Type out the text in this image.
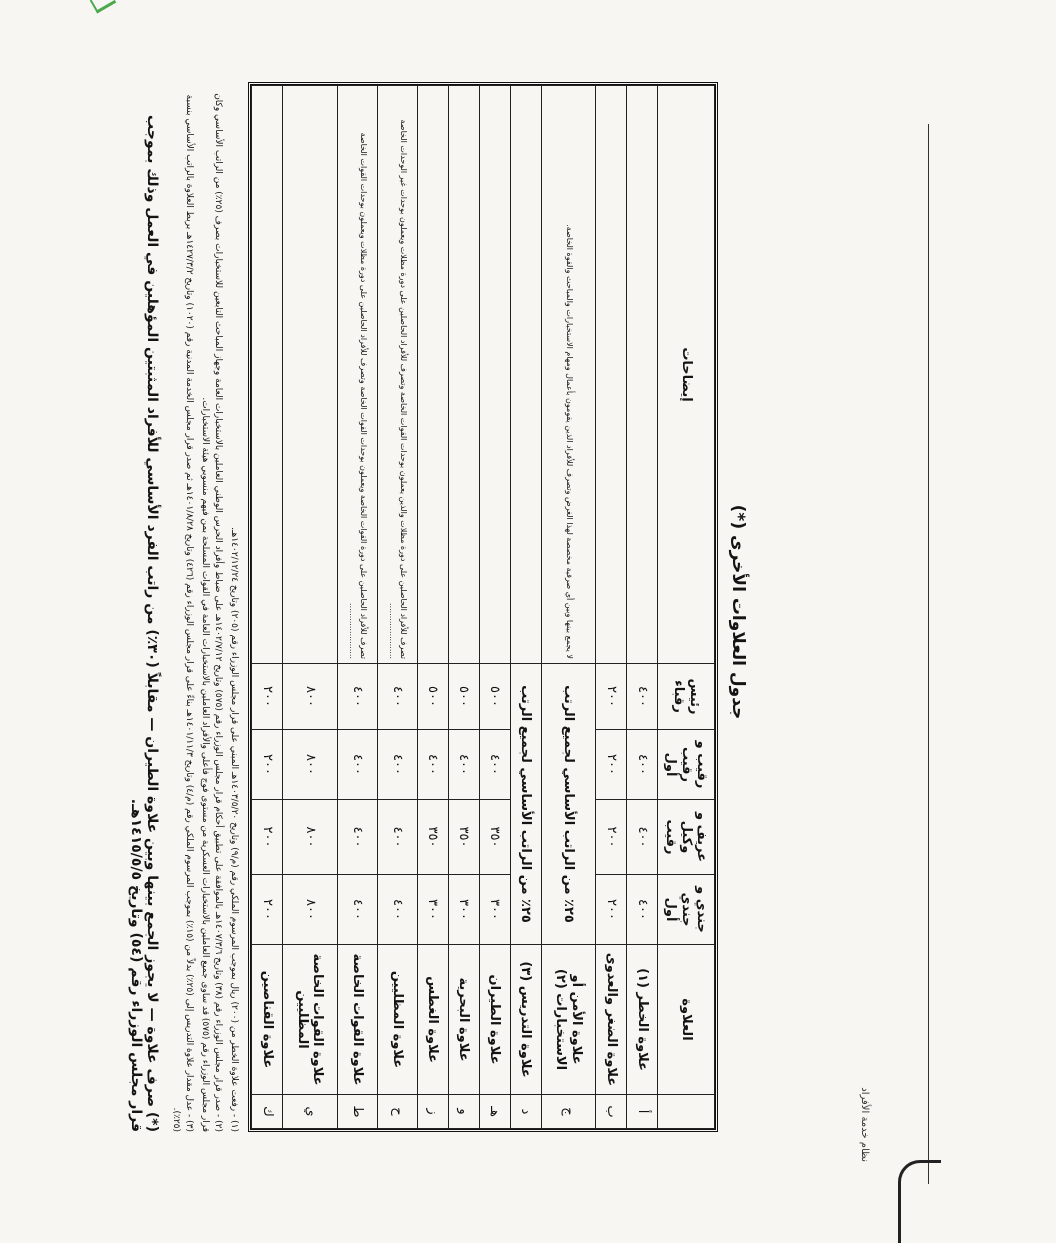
نظام خدمة الأفراد
جدول العلاوات الأخرى (*)
	العلاوة	جندي و جندي أول	عريف و وكيل رقيب	رقيب و رقيب أول	رئيس رقباء	إيضاحات
أ	علاوة الخطر (١)	٤٠٠	٤٠٠	٤٠٠	٤٠٠	
ب	علاوة الضغر والعدوى	٢٠٠	٢٠٠	٢٠٠	٢٠٠	
ج	علاوة الأمن أو الاستخبارات (٢)	٢٥٪ من الراتب الأساسي لجميع الرتب				لا يجمع بينها وبين أي صرفية مخصصة لهذا الغرض وتصرف للأفراد الذين يقومون بأعمال ومهام الاستخبارات والمباحث والقوة الخاصة.
د	علاوة التدريس (٣)	٢٥٪ من الراتب الأساسي لجميع الرتب				
هـ	علاوة الطيران	٣٠٠	٣٥٠	٤٠٠	٥٠٠	
و	علاوة البحرية	٣٠٠	٣٥٠	٤٠٠	٥٠٠	
ز	علاوة الغطس	٣٠٠	٣٥٠	٤٠٠	٥٠٠	
ح	علاوة المظليين	٤٠٠	٤٠٠	٤٠٠	٤٠٠	تصرف للأفراد الحاصلين على دورة مظلات والذين يعملون بوحدات القوات الخاصة وتصرف للأفراد الحاصلين على دورة مظلات ويعملون بوحدات غير الوحدات الخاصة ......................
ط	علاوة القوات الخاصة	٤٠٠	٤٠٠	٤٠٠	٤٠٠	تصرف للأفراد الحاصلين على دورة القوات الخاصة ويعملون بوحدات القوات الخاصة وتصرف للأفراد الحاصلين على دورة مظلات ويعملون بوحدات القوات الخاصة ......................
ي	علاوة القوات الخاصة المظليين	٨٠٠	٨٠٠	٨٠٠	٨٠٠	
ك	علاوة القناصين	٢٠٠	٢٠٠	٢٠٠	٢٠٠	

(١) - رفعت علاوة الخطر من (٢٠٠) ريال بموجب المرسوم الملكي رقم (م/٩) وتاريخ ١٤٠٣/٥/٢٠هـ المبني على قرار مجلس الوزراء رقم (٢٠٥) وتاريخ ١٤٠٢/١٢/٢٤هـ.

(٢) - صدر قرار مجلس الوزراء رقم (٣٨) وتاريخ ١٤٠٧/٣/٦هـ بالموافقة على تطبيق أحكام قرار مجلس الوزراء رقم (٥٧٥) وتاريخ ١٤٠٢/٧/١٢هـ على ضباط وأفراد الحرس الوطني العاملين بالاستخبارات العامة وجهاز المباحث التابعين للاستخبارات بصرف (٢٥٪) من الراتب الأساسي وكان قرار مجلس الوزراء رقم (٥٧٥) قد ساوى جميع العاملين بالاستخبارات العسكرية من مستوى فوج فأعلى والأفراد العاملين بالاستخبارات العامة في القوات المسلحة بمن فيهم منسوبي هيئة الاستخبارات.

(٣) - عدل مقدار علاوة التدريس إلى (٢٥٪) بدلاً من (١٥٪) بموجب المرسوم الملكي رقم (م/٤) وتاريخ ١٤٠١/١١/٣هـ بناءً على قرار مجلس الوزراء رقم (٤٢٦) وتاريخ ١٤٠١/٨/٢٨هـ ثم صدر قرار مجلس الخدمة المدنية رقم (١٠٢٠) وتاريخ ١٤٢٧/٣/٢هـ بربط العلاوة بالراتب الأساسي بنسبة (٢٥٪).

(*) صرف علاوة — لا يجوز الجمع بينها وبين علاوة الطيران — مقابلاً (٣٠٪) من راتب الفرد الأساسي للأفراد المثبتين المؤهلين في العمل وذلك بموجب قرار مجلس الوزراء رقم (٥٤) وتاريخ ١٤١٥/٥/٥هـ.
